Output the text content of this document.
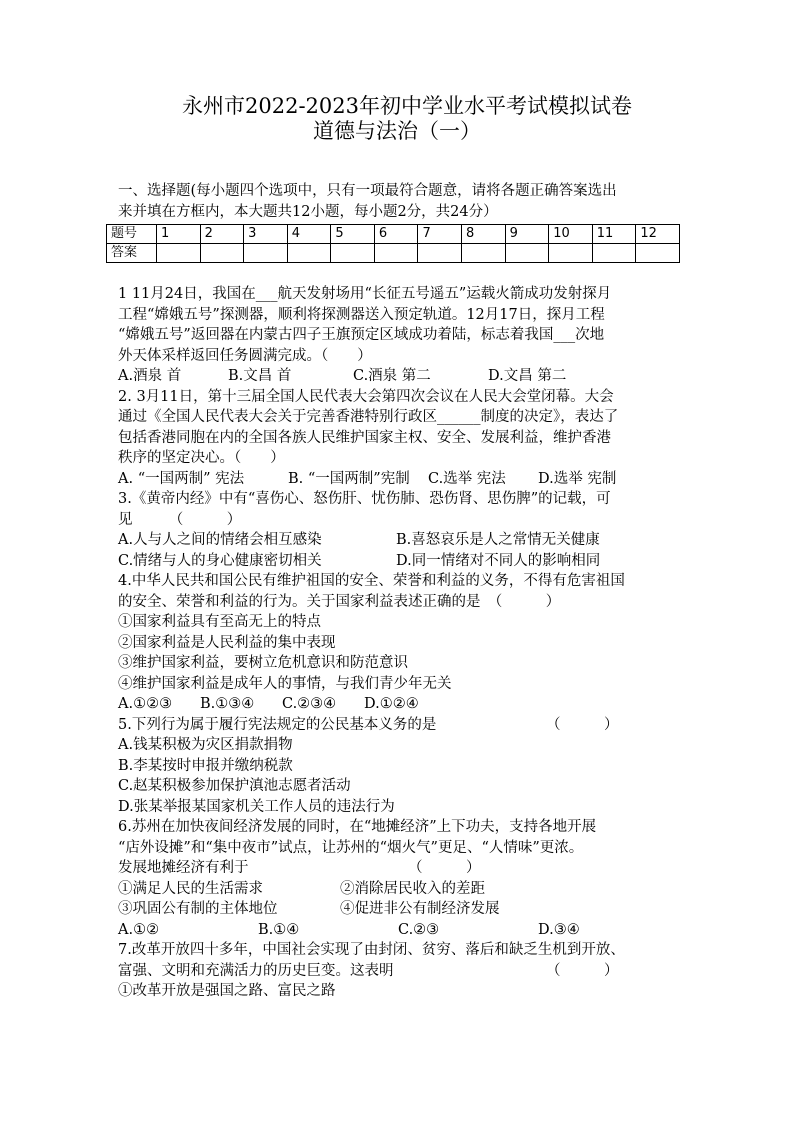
永州市2022-2023年初中学业水平考试模拟试卷
道德与法治（一）
一、选择题(每小题四个选项中，只有一项最符合题意，请将各题正确答案选出
来并填在方框内，本大题共12小题，每小题2分，共24分）
题号	1	2	3	4	5	6	7	8	9	10	11	12
答案												
1 11月24日，我国在___航天发射场用“长征五号遥五”运载火箭成功发射探月
工程“嫦娥五号”探测器，顺利将探测器送入预定轨道。12月17日，探月工程
“嫦娥五号”返回器在内蒙古四子王旗预定区域成功着陆，标志着我国___次地
外天体采样返回任务圆满完成。（　　）
A.酒泉 首	B.文昌 首	C.酒泉 第二	D.文昌 第二
2. 3月11日，第十三届全国人民代表大会第四次会议在人民大会堂闭幕。大会
通过《全国人民代表大会关于完善香港特别行政区______制度的决定》，表达了
包括香港同胞在内的全国各族人民维护国家主权、安全、发展利益，维护香港
秩序的坚定决心。（　　）
A. “一国两制” 宪法	B. “一国两制”宪制 C.选举 宪法 D.选举 宪制
3.《黄帝内经》中有“喜伤心、怒伤肝、忧伤肺、恐伤肾、思伤脾”的记载，可
见　　　（　　　）
A.人与人之间的情绪会相互感染	B.喜怒哀乐是人之常情无关健康
C.情绪与人的身心健康密切相关	D.同一情绪对不同人的影响相同
4.中华人民共和国公民有维护祖国的安全、荣誉和利益的义务，不得有危害祖国
的安全、荣誉和利益的行为。关于国家利益表述正确的是　（　　　）
①国家利益具有至高无上的特点
②国家利益是人民利益的集中表现
③维护国家利益，要树立危机意识和防范意识
④维护国家利益是成年人的事情，与我们青少年无关
A.①②③ B.①③④ C.②③④ D.①②④
5.下列行为属于履行宪法规定的公民基本义务的是	（　　　）
A.钱某积极为灾区捐款捐物
B.李某按时申报并缴纳税款
C.赵某积极参加保护滇池志愿者活动
D.张某举报某国家机关工作人员的违法行为
6.苏州在加快夜间经济发展的同时，在“地摊经济”上下功夫，支持各地开展
“店外设摊”和“集中夜市”试点，让苏州的“烟火气”更足、“人情味”更浓。
发展地摊经济有利于	（　　　）
①满足人民的生活需求	②消除居民收入的差距
③巩固公有制的主体地位	④促进非公有制经济发展
A.①②	B.①④	C.②③	D.③④
7.改革开放四十多年，中国社会实现了由封闭、贫穷、落后和缺乏生机到开放、
富强、文明和充满活力的历史巨变。这表明	（　　　）
①改革开放是强国之路、富民之路
